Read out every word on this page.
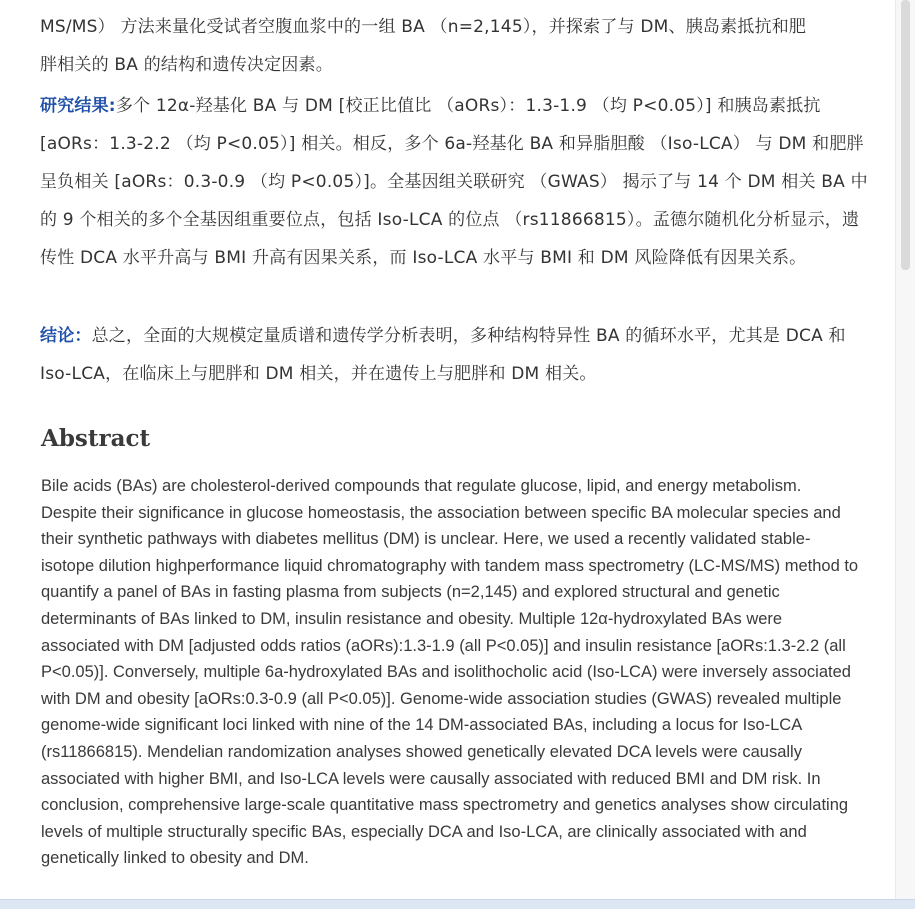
MS/MS） 方法来量化受试者空腹血浆中的一组 BA （n=2,145），并探索了与 DM、胰岛素抵抗和肥

胖相关的 BA 的结构和遗传决定因素。

研究结果:多个 12α-羟基化 BA 与 DM [校正比值比 （aORs）：1.3-1.9 （均 P<0.05）] 和胰岛素抵抗 [aORs：1.3-2.2 （均 P<0.05）] 相关。相反，多个 6a-羟基化 BA 和异脂胆酸 （Iso-LCA） 与 DM 和肥胖呈负相关 [aORs：0.3-0.9 （均 P<0.05）]。全基因组关联研究 （GWAS） 揭示了与 14 个 DM 相关 BA 中的 9 个相关的多个全基因组重要位点，包括 Iso-LCA 的位点 （rs11866815）。孟德尔随机化分析显示，遗传性 DCA 水平升高与 BMI 升高有因果关系，而 Iso-LCA 水平与 BMI 和 DM 风险降低有因果关系。

结论：总之，全面的大规模定量质谱和遗传学分析表明，多种结构特异性 BA 的循环水平，尤其是 DCA 和 Iso-LCA，在临床上与肥胖和 DM 相关，并在遗传上与肥胖和 DM 相关。

Abstract

Bile acids (BAs) are cholesterol-derived compounds that regulate glucose, lipid, and energy metabolism. Despite their significance in glucose homeostasis, the association between specific BA molecular species and their synthetic pathways with diabetes mellitus (DM) is unclear. Here, we used a recently validated stable-isotope dilution highperformance liquid chromatography with tandem mass spectrometry (LC-MS/MS) method to quantify a panel of BAs in fasting plasma from subjects (n=2,145) and explored structural and genetic determinants of BAs linked to DM, insulin resistance and obesity. Multiple 12α-hydroxylated BAs were associated with DM [adjusted odds ratios (aORs):1.3-1.9 (all P<0.05)] and insulin resistance [aORs:1.3-2.2 (all P<0.05)]. Conversely, multiple 6a-hydroxylated BAs and isolithocholic acid (Iso-LCA) were inversely associated with DM and obesity [aORs:0.3-0.9 (all P<0.05)]. Genome-wide association studies (GWAS) revealed multiple genome-wide significant loci linked with nine of the 14 DM-associated BAs, including a locus for Iso-LCA (rs11866815). Mendelian randomization analyses showed genetically elevated DCA levels were causally associated with higher BMI, and Iso-LCA levels were causally associated with reduced BMI and DM risk. In conclusion, comprehensive large-scale quantitative mass spectrometry and genetics analyses show circulating levels of multiple structurally specific BAs, especially DCA and Iso-LCA, are clinically associated with and genetically linked to obesity and DM.
